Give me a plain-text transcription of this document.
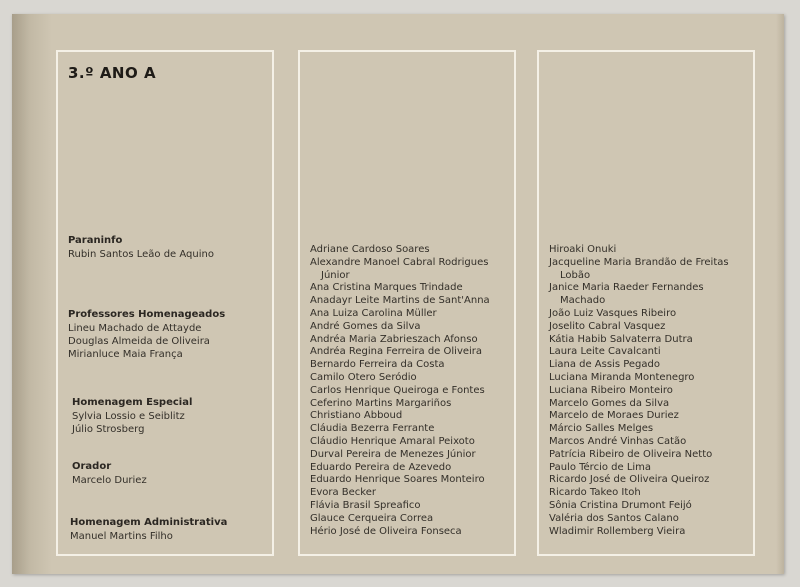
3.º ANO A
Paraninfo
Rubin Santos Leão de Aquino
Professores Homenageados
Lineu Machado de Attayde
Douglas Almeida de Oliveira
Mirianluce Maia França
Homenagem Especial
Sylvia Lossio e Seiblitz
Júlio Strosberg
Orador
Marcelo Duriez
Homenagem Administrativa
Manuel Martins Filho
Adriane Cardoso Soares
Alexandre Manoel Cabral Rodrigues
Júnior
Ana Cristina Marques Trindade
Anadayr Leite Martins de Sant'Anna
Ana Luiza Carolina Müller
André Gomes da Silva
Andréa Maria Zabrieszach Afonso
Andréa Regina Ferreira de Oliveira
Bernardo Ferreira da Costa
Camilo Otero Seródio
Carlos Henrique Queiroga e Fontes
Ceferino Martins Margariños
Christiano Abboud
Cláudia Bezerra Ferrante
Cláudio Henrique Amaral Peixoto
Durval Pereira de Menezes Júnior
Eduardo Pereira de Azevedo
Eduardo Henrique Soares Monteiro
Evora Becker
Flávia Brasil Spreafico
Glauce Cerqueira Correa
Hério José de Oliveira Fonseca
Hiroaki Onuki
Jacqueline Maria Brandão de Freitas
Lobão
Janice Maria Raeder Fernandes
Machado
João Luiz Vasques Ribeiro
Joselito Cabral Vasquez
Kátia Habib Salvaterra Dutra
Laura Leite Cavalcanti
Liana de Assis Pegado
Luciana Miranda Montenegro
Luciana Ribeiro Monteiro
Marcelo Gomes da Silva
Marcelo de Moraes Duriez
Márcio Salles Melges
Marcos André Vinhas Catão
Patrícia Ribeiro de Oliveira Netto
Paulo Tércio de Lima
Ricardo José de Oliveira Queiroz
Ricardo Takeo Itoh
Sônia Cristina Drumont Feijó
Valéria dos Santos Calano
Wladimir Rollemberg Vieira
